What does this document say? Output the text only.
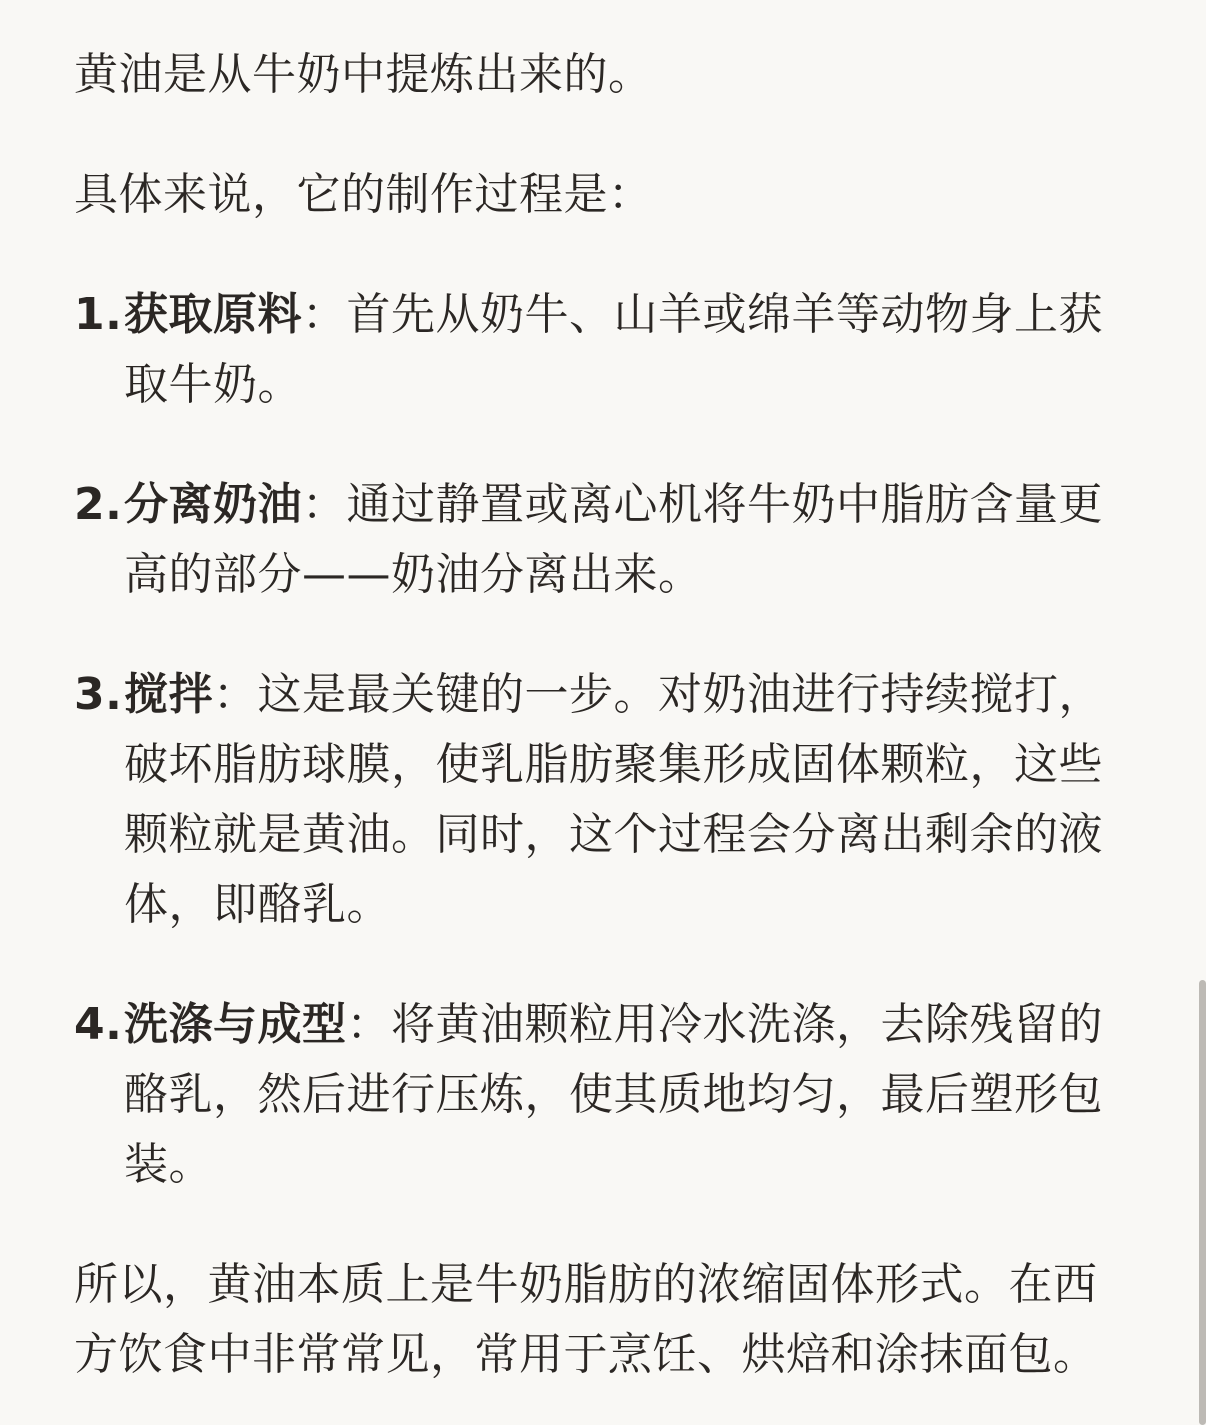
黄油是从牛奶中提炼出来的。

具体来说，它的制作过程是：

1. 获取原料：首先从奶牛、山羊或绵羊等动物身上获取牛奶。
2. 分离奶油：通过静置或离心机将牛奶中脂肪含量更高的部分——奶油分离出来。
3. 搅拌：这是最关键的一步。对奶油进行持续搅打，破坏脂肪球膜，使乳脂肪聚集形成固体颗粒，这些颗粒就是黄油。同时，这个过程会分离出剩余的液体，即酪乳。
4. 洗涤与成型：将黄油颗粒用冷水洗涤，去除残留的酪乳，然后进行压炼，使其质地均匀，最后塑形包装。

所以，黄油本质上是牛奶脂肪的浓缩固体形式。在西方饮食中非常常见，常用于烹饪、烘焙和涂抹面包。
